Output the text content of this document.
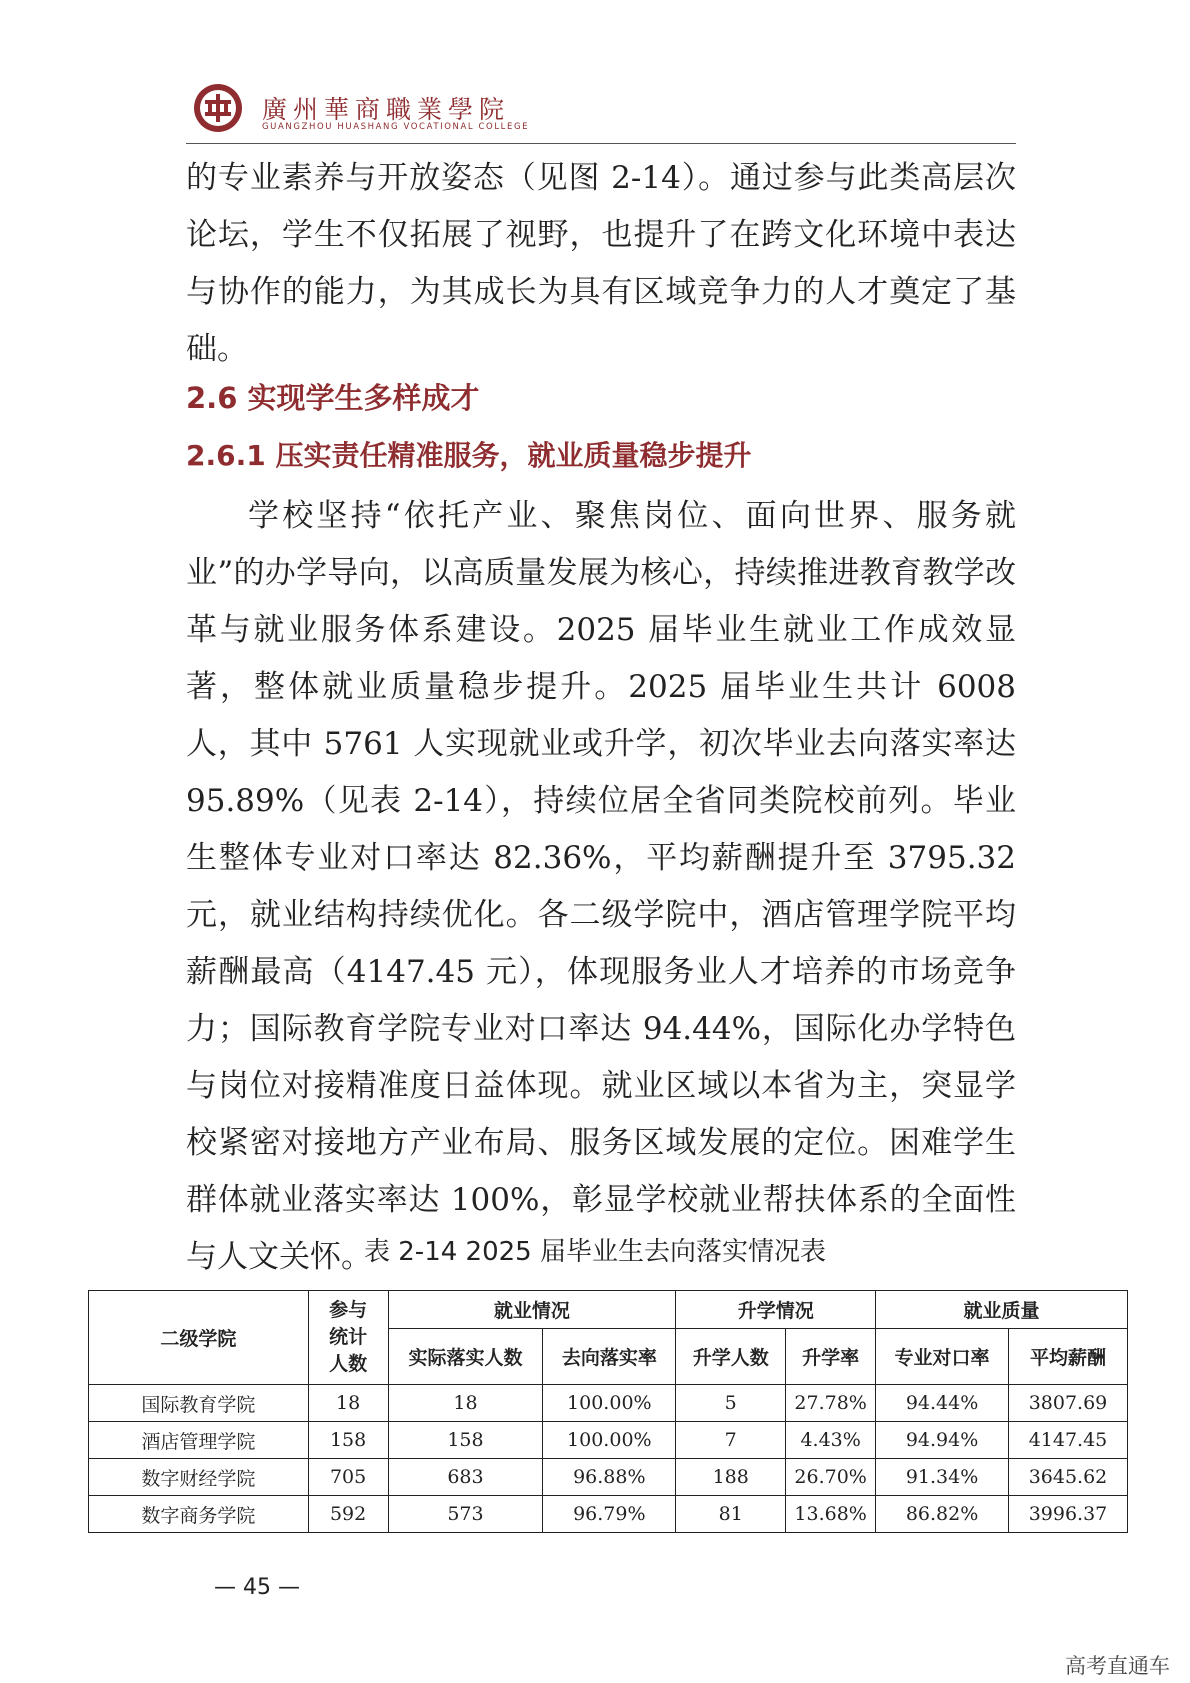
廣州華商職業學院
GUANGZHOU HUASHANG VOCATIONAL COLLEGE

的专业素养与开放姿态（见图 2-14）。通过参与此类高层次论坛，学生不仅拓展了视野，也提升了在跨文化环境中表达与协作的能力，为其成长为具有区域竞争力的人才奠定了基础。

2.6 实现学生多样成才
2.6.1 压实责任精准服务，就业质量稳步提升

学校坚持“依托产业、聚焦岗位、面向世界、服务就业”的办学导向，以高质量发展为核心，持续推进教育教学改革与就业服务体系建设。2025 届毕业生就业工作成效显著，整体就业质量稳步提升。2025 届毕业生共计 6008 人，其中 5761 人实现就业或升学，初次毕业去向落实率达 95.89%（见表 2-14），持续位居全省同类院校前列。毕业生整体专业对口率达 82.36%，平均薪酬提升至 3795.32 元，就业结构持续优化。各二级学院中，酒店管理学院平均薪酬最高（4147.45 元），体现服务业人才培养的市场竞争力；国际教育学院专业对口率达 94.44%，国际化办学特色与岗位对接精准度日益体现。就业区域以本省为主，突显学校紧密对接地方产业布局、服务区域发展的定位。困难学生群体就业落实率达 100%，彰显学校就业帮扶体系的全面性与人文关怀。

表 2-14 2025 届毕业生去向落实情况表
二级学院	参与统计人数	就业情况		升学情况		就业质量	
		实际落实人数	去向落实率	升学人数	升学率	专业对口率	平均薪酬
国际教育学院	18	18	100.00%	5	27.78%	94.44%	3807.69
酒店管理学院	158	158	100.00%	7	4.43%	94.94%	4147.45
数字财经学院	705	683	96.88%	188	26.70%	91.34%	3645.62
数字商务学院	592	573	96.79%	81	13.68%	86.82%	3996.37
— 45 —
高考直通车
